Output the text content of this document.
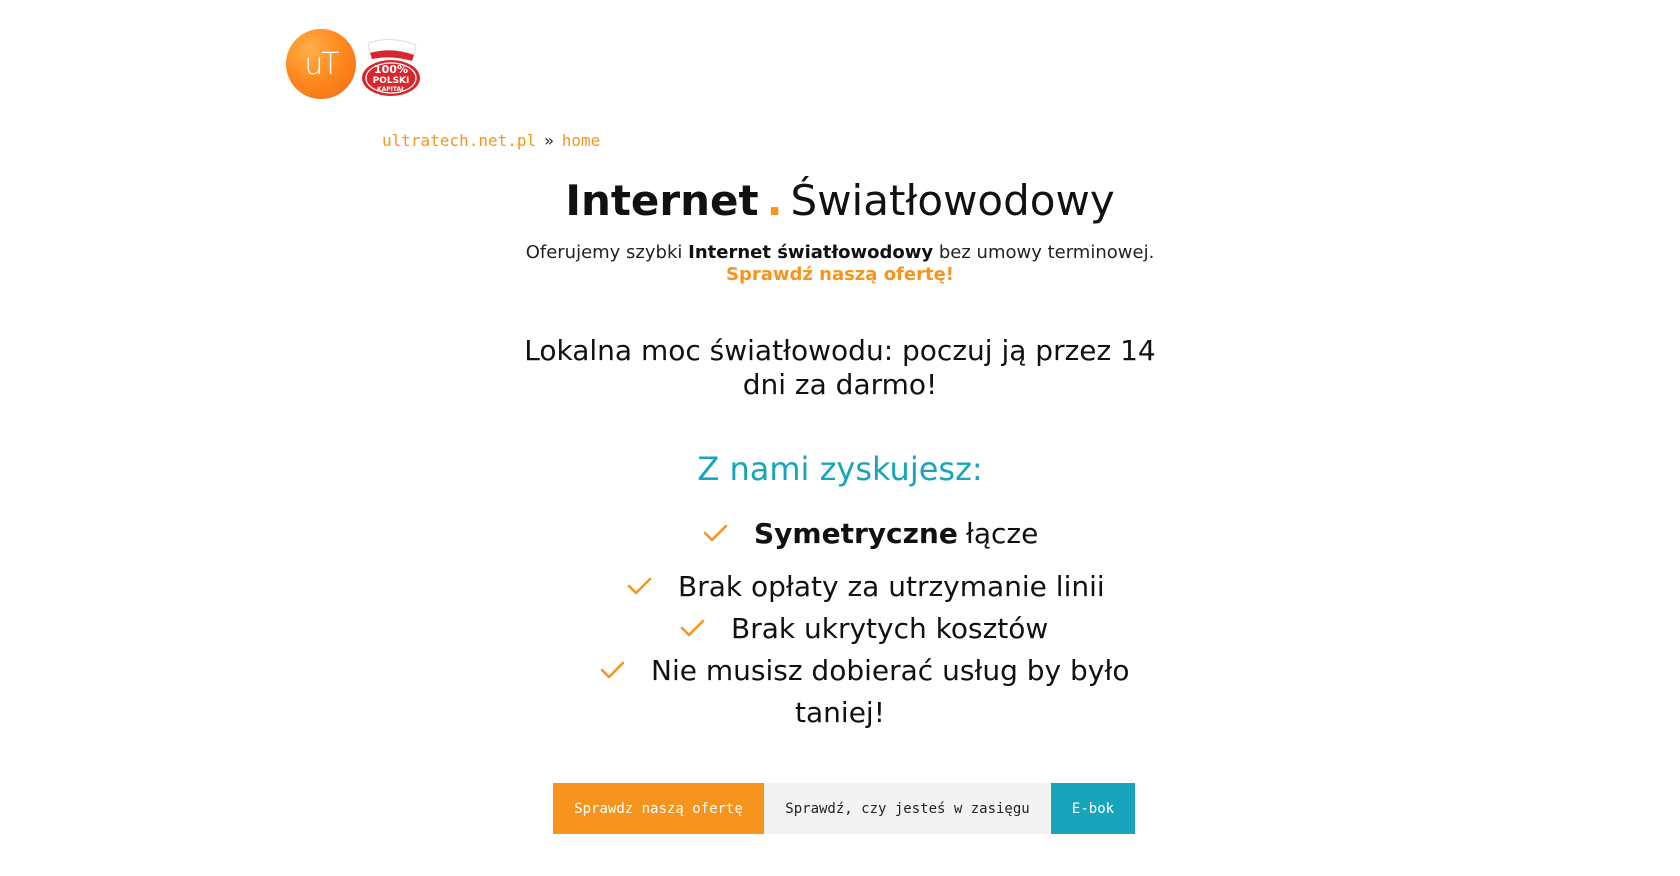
uT	100%
POLSKI
KAPITAŁ
ultratech.net.pl » home
Internet . Światłowodowy
Oferujemy szybki Internet światłowodowy bez umowy terminowej.
Sprawdź naszą ofertę!
Lokalna moc światłowodu: poczuj ją przez 14 dni za darmo!
Z nami zyskujesz:
Symetryczne łącze
Brak opłaty za utrzymanie linii
Brak ukrytych kosztów
Nie musisz dobierać usług by było
taniej!
Sprawdz naszą ofertę	Sprawdź, czy jesteś w zasięgu	E-bok
